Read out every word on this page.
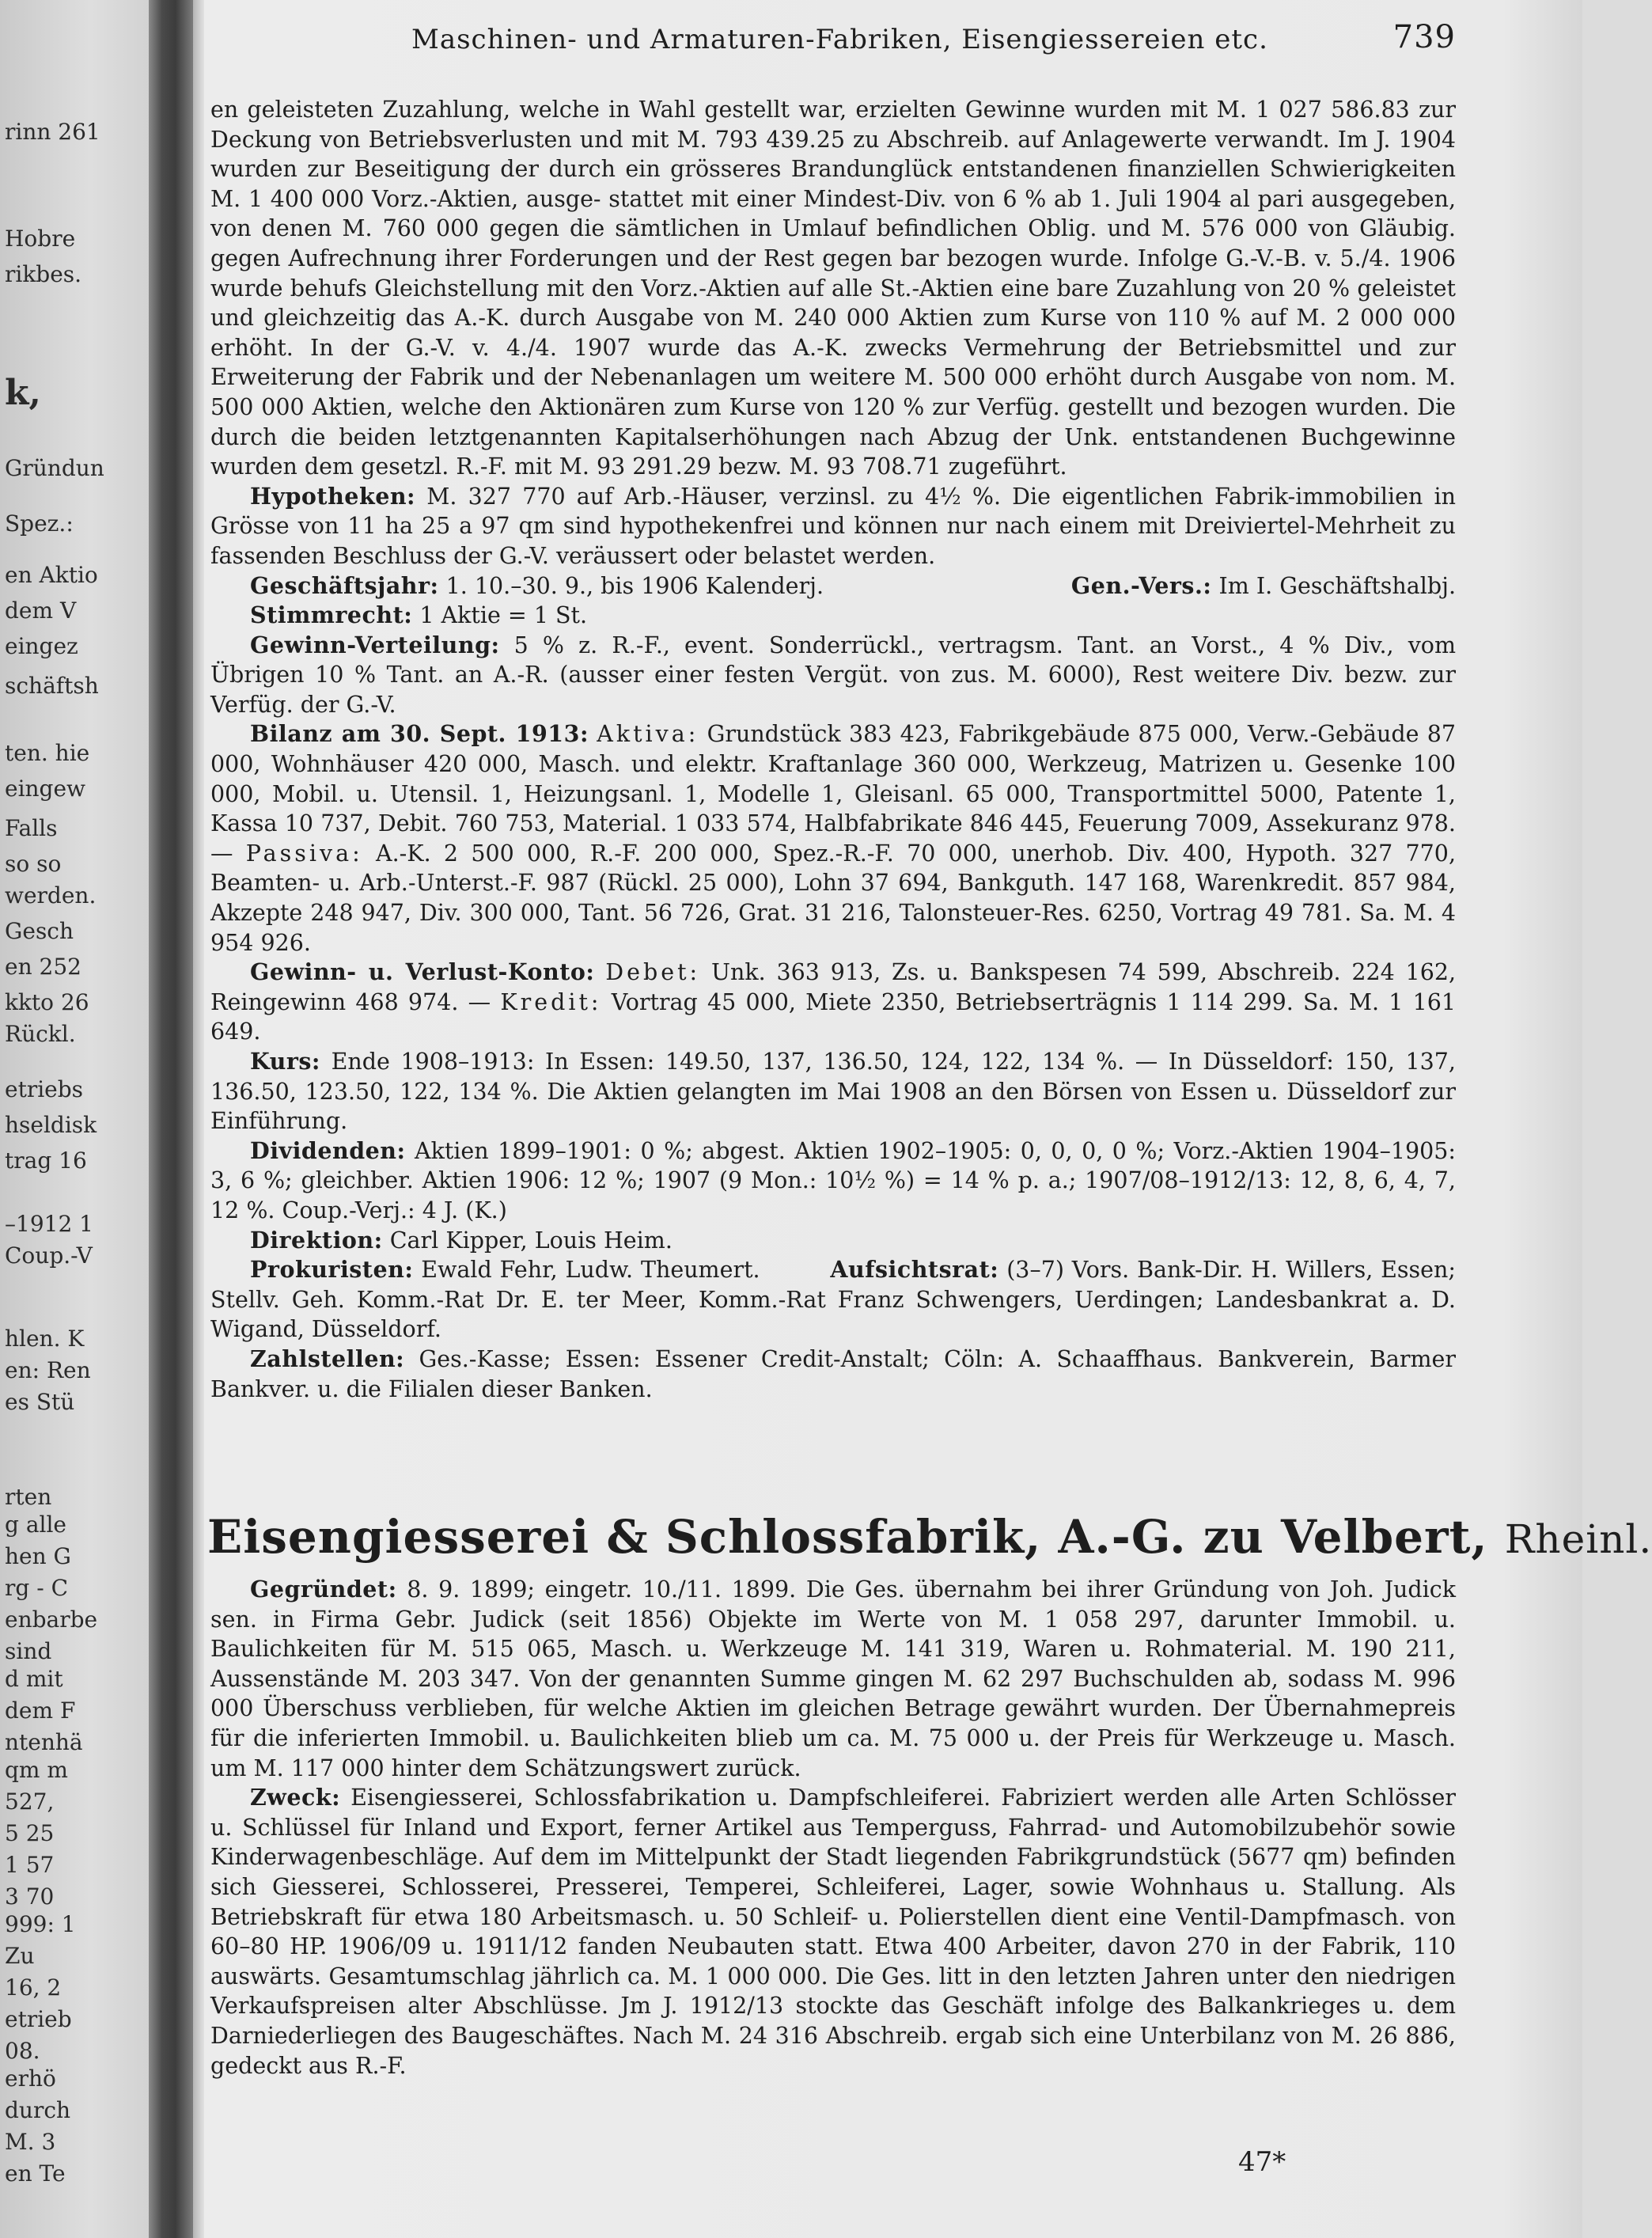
rinn 261
Hobre
rikbes.
k,
Gründun
Spez.:
en Aktio
dem V
eingez
schäftsh
ten. hie
eingew
Falls
so so
werden.
Gesch
en 252
kkto 26
Rückl.
etriebs
hseldisk
trag 16
–1912 1
Coup.-V
hlen. K
en: Ren
es Stü
rten
g alle
hen G
rg - C
enbarbe
sind
d mit
dem F
ntenhä
qm m
527,
5 25
1 57
3 70
999: 1
Zu
16, 2
etrieb
08.
erhö
durch
M. 3
en Te
Maschinen- und Armaturen-Fabriken, Eisengiessereien etc.	739

en geleisteten Zuzahlung, welche in Wahl gestellt war, erzielten Gewinne wurden mit M. 1 027 586.83 zur Deckung von Betriebsverlusten und mit M. 793 439.25 zu Abschreib. auf Anlagewerte verwandt. Im J. 1904 wurden zur Beseitigung der durch ein grösseres Brandunglück entstandenen finanziellen Schwierigkeiten M. 1 400 000 Vorz.-Aktien, ausge- stattet mit einer Mindest-Div. von 6 % ab 1. Juli 1904 al pari ausgegeben, von denen M. 760 000 gegen die sämtlichen in Umlauf befindlichen Oblig. und M. 576 000 von Gläubig. gegen Aufrechnung ihrer Forderungen und der Rest gegen bar bezogen wurde. Infolge G.-V.-B. v. 5./4. 1906 wurde behufs Gleichstellung mit den Vorz.-Aktien auf alle St.-Aktien eine bare Zuzahlung von 20 % geleistet und gleichzeitig das A.-K. durch Ausgabe von M. 240 000 Aktien zum Kurse von 110 % auf M. 2 000 000 erhöht. In der G.-V. v. 4./4. 1907 wurde das A.-K. zwecks Vermehrung der Betriebsmittel und zur Erweiterung der Fabrik und der Nebenanlagen um weitere M. 500 000 erhöht durch Ausgabe von nom. M. 500 000 Aktien, welche den Aktionären zum Kurse von 120 % zur Verfüg. gestellt und bezogen wurden. Die durch die beiden letztgenannten Kapitalserhöhungen nach Abzug der Unk. entstandenen Buchgewinne wurden dem gesetzl. R.-F. mit M. 93 291.29 bezw. M. 93 708.71 zugeführt.

Hypotheken: M. 327 770 auf Arb.-Häuser, verzinsl. zu 4½ %. Die eigentlichen Fabrik-immobilien in Grösse von 11 ha 25 a 97 qm sind hypothekenfrei und können nur nach einem mit Dreiviertel-Mehrheit zu fassenden Beschluss der G.-V. veräussert oder belastet werden.

Geschäftsjahr: 1. 10.–30. 9., bis 1906 Kalenderj.	Gen.-Vers.: Im I. Geschäftshalbj.

Stimmrecht: 1 Aktie = 1 St.

Gewinn-Verteilung: 5 % z. R.-F., event. Sonderrückl., vertragsm. Tant. an Vorst., 4 % Div., vom Übrigen 10 % Tant. an A.-R. (ausser einer festen Vergüt. von zus. M. 6000), Rest weitere Div. bezw. zur Verfüg. der G.-V.

Bilanz am 30. Sept. 1913: Aktiva: Grundstück 383 423, Fabrikgebäude 875 000, Verw.-Gebäude 87 000, Wohnhäuser 420 000, Masch. und elektr. Kraftanlage 360 000, Werkzeug, Matrizen u. Gesenke 100 000, Mobil. u. Utensil. 1, Heizungsanl. 1, Modelle 1, Gleisanl. 65 000, Transportmittel 5000, Patente 1, Kassa 10 737, Debit. 760 753, Material. 1 033 574, Halbfabrikate 846 445, Feuerung 7009, Assekuranz 978. — Passiva: A.-K. 2 500 000, R.-F. 200 000, Spez.-R.-F. 70 000, unerhob. Div. 400, Hypoth. 327 770, Beamten- u. Arb.-Unterst.-F. 987 (Rückl. 25 000), Lohn 37 694, Bankguth. 147 168, Warenkredit. 857 984, Akzepte 248 947, Div. 300 000, Tant. 56 726, Grat. 31 216, Talonsteuer-Res. 6250, Vortrag 49 781. Sa. M. 4 954 926.

Gewinn- u. Verlust-Konto: Debet: Unk. 363 913, Zs. u. Bankspesen 74 599, Abschreib. 224 162, Reingewinn 468 974. — Kredit: Vortrag 45 000, Miete 2350, Betriebserträgnis 1 114 299. Sa. M. 1 161 649.

Kurs: Ende 1908–1913: In Essen: 149.50, 137, 136.50, 124, 122, 134 %. — In Düsseldorf: 150, 137, 136.50, 123.50, 122, 134 %. Die Aktien gelangten im Mai 1908 an den Börsen von Essen u. Düsseldorf zur Einführung.

Dividenden: Aktien 1899–1901: 0 %; abgest. Aktien 1902–1905: 0, 0, 0, 0 %; Vorz.-Aktien 1904–1905: 3, 6 %; gleichber. Aktien 1906: 12 %; 1907 (9 Mon.: 10½ %) = 14 % p. a.; 1907/08–1912/13: 12, 8, 6, 4, 7, 12 %. Coup.-Verj.: 4 J. (K.)

Direktion: Carl Kipper, Louis Heim.

Prokuristen: Ewald Fehr, Ludw. Theumert.	Aufsichtsrat: (3–7) Vors. Bank-Dir. H. Willers, Essen; Stellv. Geh. Komm.-Rat Dr. E. ter Meer, Komm.-Rat Franz Schwengers, Uerdingen; Landesbankrat a. D. Wigand, Düsseldorf.

Zahlstellen: Ges.-Kasse; Essen: Essener Credit-Anstalt; Cöln: A. Schaaffhaus. Bankverein, Barmer Bankver. u. die Filialen dieser Banken.

Eisengiesserei & Schlossfabrik, A.-G. zu Velbert, Rheinl.

Gegründet: 8. 9. 1899; eingetr. 10./11. 1899. Die Ges. übernahm bei ihrer Gründung von Joh. Judick sen. in Firma Gebr. Judick (seit 1856) Objekte im Werte von M. 1 058 297, darunter Immobil. u. Baulichkeiten für M. 515 065, Masch. u. Werkzeuge M. 141 319, Waren u. Rohmaterial. M. 190 211, Aussenstände M. 203 347. Von der genannten Summe gingen M. 62 297 Buchschulden ab, sodass M. 996 000 Überschuss verblieben, für welche Aktien im gleichen Betrage gewährt wurden. Der Übernahmepreis für die inferierten Immobil. u. Baulichkeiten blieb um ca. M. 75 000 u. der Preis für Werkzeuge u. Masch. um M. 117 000 hinter dem Schätzungswert zurück.

Zweck: Eisengiesserei, Schlossfabrikation u. Dampfschleiferei. Fabriziert werden alle Arten Schlösser u. Schlüssel für Inland und Export, ferner Artikel aus Temperguss, Fahrrad- und Automobilzubehör sowie Kinderwagenbeschläge. Auf dem im Mittelpunkt der Stadt liegenden Fabrikgrundstück (5677 qm) befinden sich Giesserei, Schlosserei, Presserei, Temperei, Schleiferei, Lager, sowie Wohnhaus u. Stallung. Als Betriebskraft für etwa 180 Arbeitsmasch. u. 50 Schleif- u. Polierstellen dient eine Ventil-Dampfmasch. von 60–80 HP. 1906/09 u. 1911/12 fanden Neubauten statt. Etwa 400 Arbeiter, davon 270 in der Fabrik, 110 auswärts. Gesamtumschlag jährlich ca. M. 1 000 000. Die Ges. litt in den letzten Jahren unter den niedrigen Verkaufspreisen alter Abschlüsse. Jm J. 1912/13 stockte das Geschäft infolge des Balkankrieges u. dem Darniederliegen des Baugeschäftes. Nach M. 24 316 Abschreib. ergab sich eine Unterbilanz von M. 26 886, gedeckt aus R.-F.

47*
